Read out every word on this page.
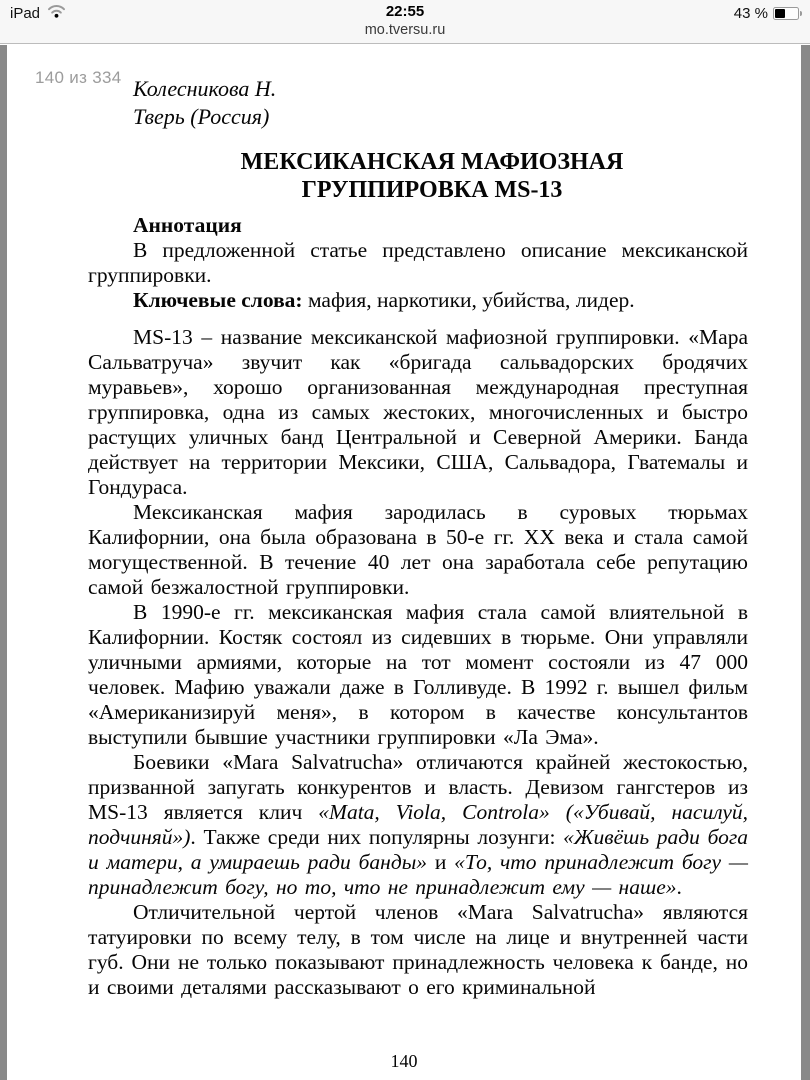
iPad	22:55
mo.tversu.ru
43 %
140 из 334 Колесникова Н.
Тверь (Россия)
МЕКСИКАНСКАЯ МАФИОЗНАЯ
ГРУППИРОВКА MS-13
Аннотация

В предложенной статье представлено описание мексиканской группировки.

Ключевые слова: мафия, наркотики, убийства, лидер.

MS-13 – название мексиканской мафиозной группировки. «Мара Сальватруча» звучит как «бригада сальвадорских бродячих муравьев», хорошо организованная международная преступная группировка, одна из самых жестоких, многочисленных и быстро растущих уличных банд Центральной и Северной Америки. Банда действует на территории Мексики, США, Сальвадора, Гватемалы и Гондураса.

Мексиканская мафия зародилась в суровых тюрьмах Калифорнии, она была образована в 50-е гг. XX века и стала самой могущественной. В течение 40 лет она заработала себе репутацию самой безжалостной группировки.

В 1990-е гг. мексиканская мафия стала самой влиятельной в Калифорнии. Костяк состоял из сидевших в тюрьме. Они управляли уличными армиями, которые на тот момент состояли из 47 000 человек. Мафию уважали даже в Голливуде. В 1992 г. вышел фильм «Американизируй меня», в котором в качестве консультантов выступили бывшие участники группировки «Ла Эма».

Боевики «Mara Salvatrucha» отличаются крайней жестокостью, призванной запугать конкурентов и власть. Девизом гангстеров из MS-13 является клич «Mata, Viola, Controla» («Убивай, насилуй, подчиняй»). Также среди них популярны лозунги: «Живёшь ради бога и матери, а умираешь ради банды» и «То, что принадлежит богу — принадлежит богу, но то, что не принадлежит ему — наше».

Отличительной чертой членов «Mara Salvatrucha» являются татуировки по всему телу, в том числе на лице и внутренней части губ. Они не только показывают принадлежность человека к банде, но и своими деталями рассказывают о его криминальной

140
